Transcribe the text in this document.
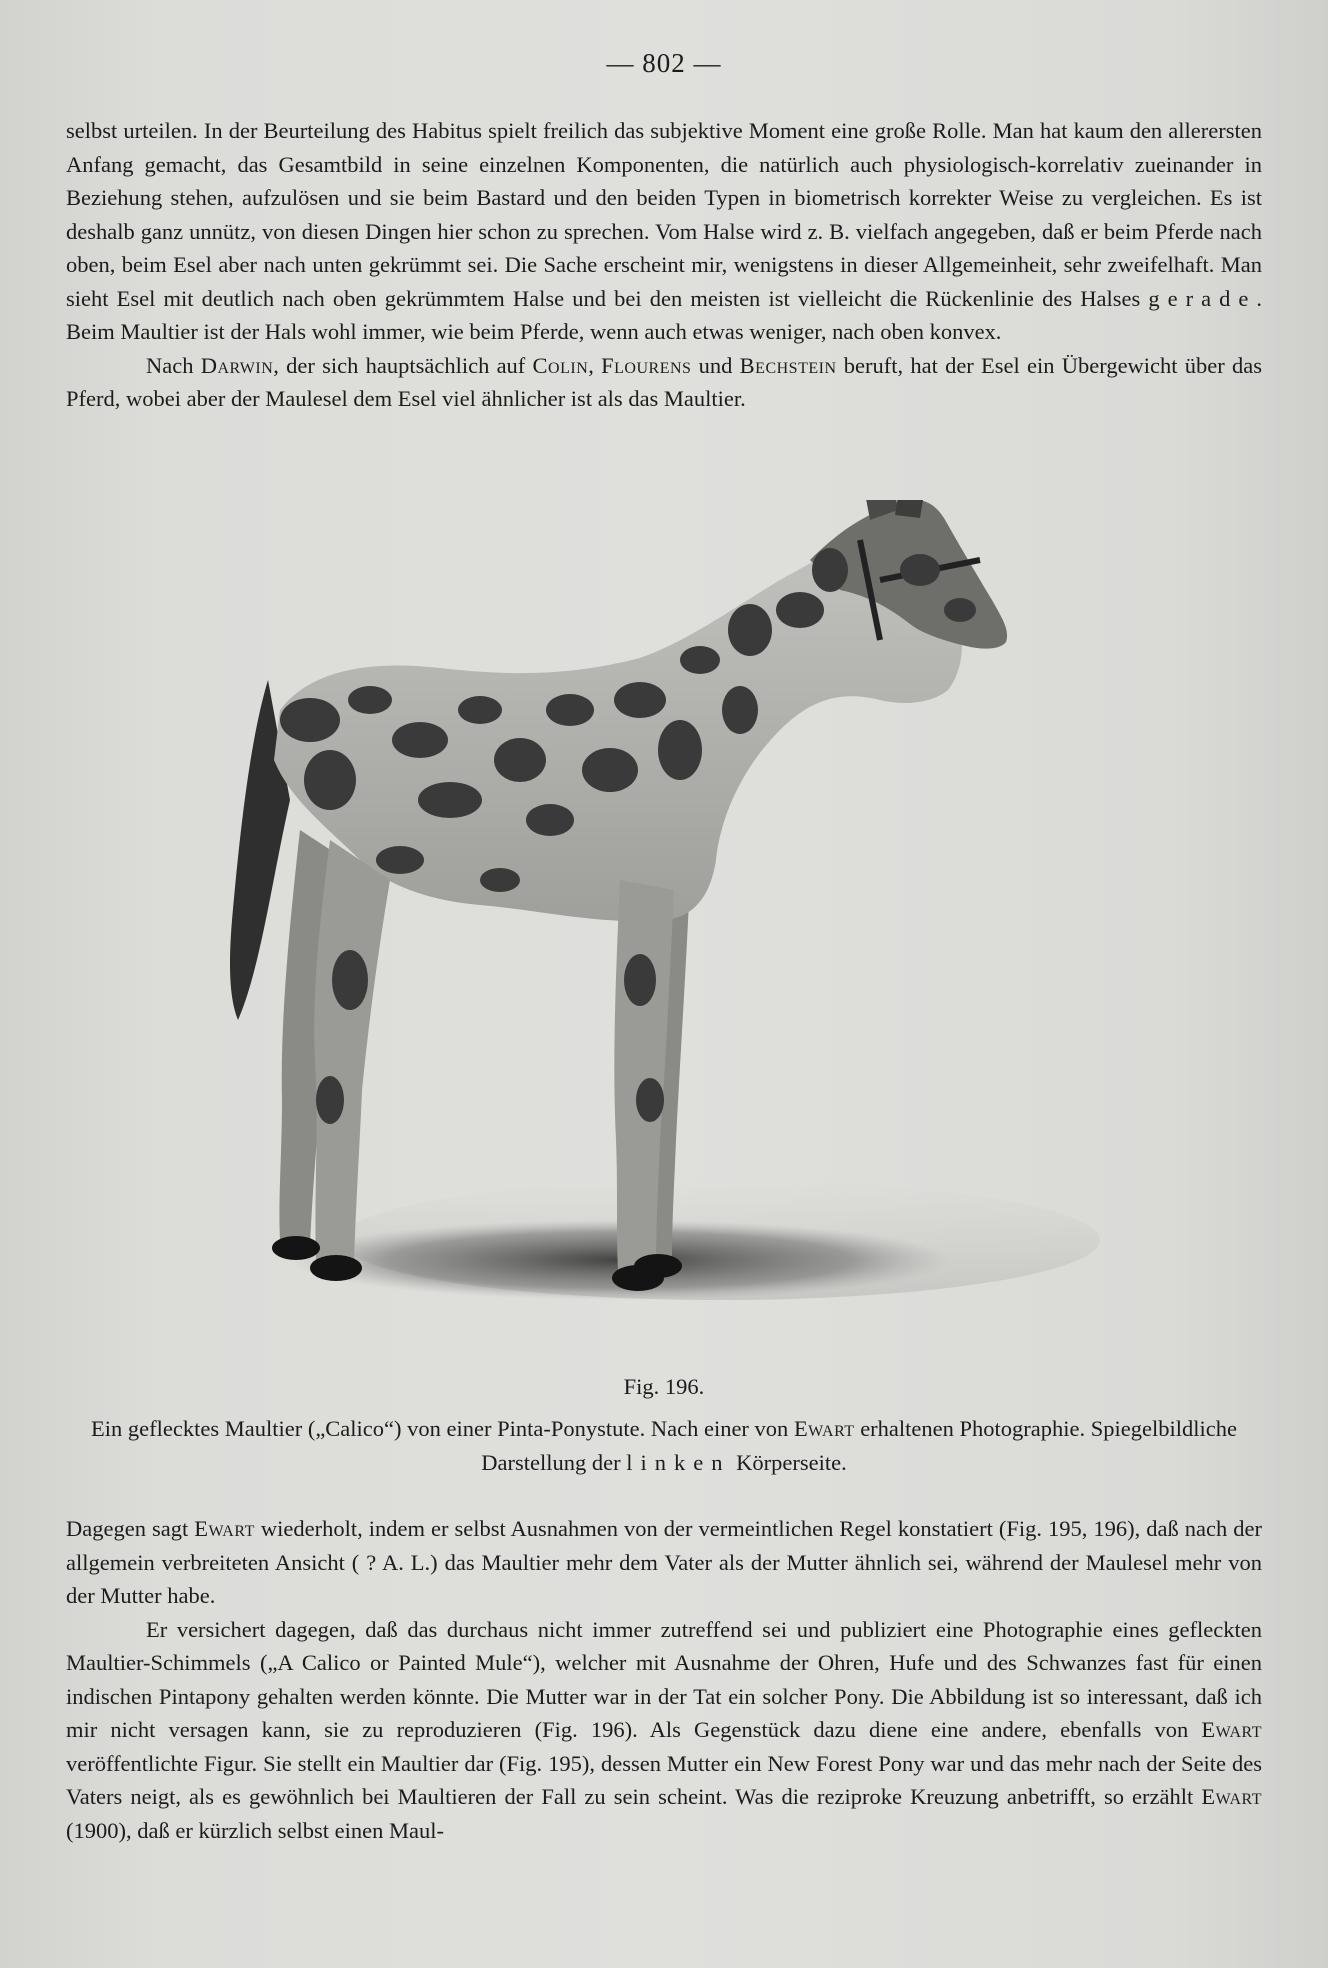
— 802 —

selbst urteilen. In der Beurteilung des Habitus spielt freilich das subjektive Moment eine große Rolle. Man hat kaum den allerersten Anfang gemacht, das Gesamtbild in seine einzelnen Komponenten, die natürlich auch physiologisch-korrelativ zueinander in Beziehung stehen, aufzulösen und sie beim Bastard und den beiden Typen in biometrisch korrekter Weise zu vergleichen. Es ist deshalb ganz unnütz, von diesen Dingen hier schon zu sprechen. Vom Halse wird z. B. vielfach angegeben, daß er beim Pferde nach oben, beim Esel aber nach unten gekrümmt sei. Die Sache erscheint mir, wenigstens in dieser Allgemeinheit, sehr zweifelhaft. Man sieht Esel mit deutlich nach oben gekrümmtem Halse und bei den meisten ist vielleicht die Rückenlinie des Halses gerade. Beim Maultier ist der Hals wohl immer, wie beim Pferde, wenn auch etwas weniger, nach oben konvex.

Nach Darwin, der sich hauptsächlich auf Colin, Flourens und Bechstein beruft, hat der Esel ein Übergewicht über das Pferd, wobei aber der Maulesel dem Esel viel ähnlicher ist als das Maultier.

Fig. 196.
Ein geflecktes Maultier („Calico“) von einer Pinta-Ponystute. Nach einer von Ewart erhaltenen Photographie. Spiegelbildliche Darstellung der linken Körperseite.

Dagegen sagt Ewart wiederholt, indem er selbst Ausnahmen von der vermeintlichen Regel konstatiert (Fig. 195, 196), daß nach der allgemein verbreiteten Ansicht ( ? A. L.) das Maultier mehr dem Vater als der Mutter ähnlich sei, während der Maulesel mehr von der Mutter habe.

Er versichert dagegen, daß das durchaus nicht immer zutreffend sei und publiziert eine Photographie eines gefleckten Maultier-Schimmels („A Calico or Painted Mule“), welcher mit Ausnahme der Ohren, Hufe und des Schwanzes fast für einen indischen Pintapony gehalten werden könnte. Die Mutter war in der Tat ein solcher Pony. Die Abbildung ist so interessant, daß ich mir nicht versagen kann, sie zu reproduzieren (Fig. 196). Als Gegenstück dazu diene eine andere, ebenfalls von Ewart veröffentlichte Figur. Sie stellt ein Maultier dar (Fig. 195), dessen Mutter ein New Forest Pony war und das mehr nach der Seite des Vaters neigt, als es gewöhnlich bei Maultieren der Fall zu sein scheint. Was die reziproke Kreuzung anbetrifft, so erzählt Ewart (1900), daß er kürzlich selbst einen Maul-
